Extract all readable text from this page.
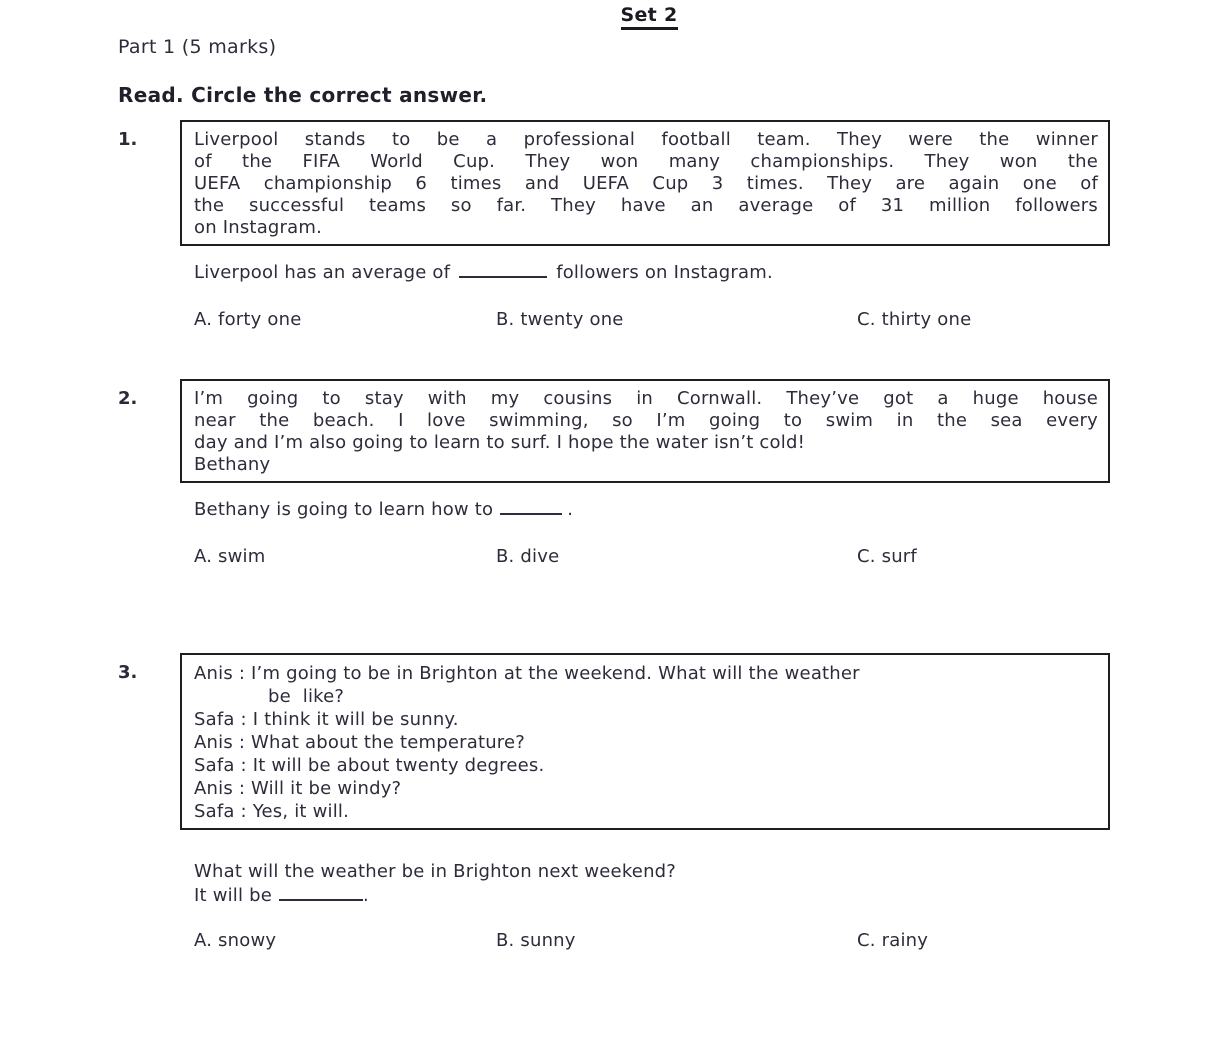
Set 2
Part 1 (5 marks)
Read. Circle the correct answer.
1.	Liverpool stands to be a professional football team. They were the winner
of the FIFA World Cup. They won many championships. They won the
UEFA championship 6 times and UEFA Cup 3 times. They are again one of
the successful teams so far. They have an average of 31 million followers
on Instagram.
Liverpool has an average of	followers on Instagram.
A. forty one	B. twenty one	C. thirty one
2.	I’m going to stay with my cousins in Cornwall. They’ve got a huge house
near the beach. I love swimming, so I’m going to swim in the sea every
day and I’m also going to learn to surf. I hope the water isn’t cold!
Bethany
Bethany is going to learn how to	.
A. swim	B. dive	C. surf
3.	Anis : I’m going to be in Brighton at the weekend. What will the weather
be  like?
Safa : I think it will be sunny.
Anis : What about the temperature?
Safa : It will be about twenty degrees.
Anis : Will it be windy?
Safa : Yes, it will.
What will the weather be in Brighton next weekend?
It will be	.
A. snowy	B. sunny	C. rainy
